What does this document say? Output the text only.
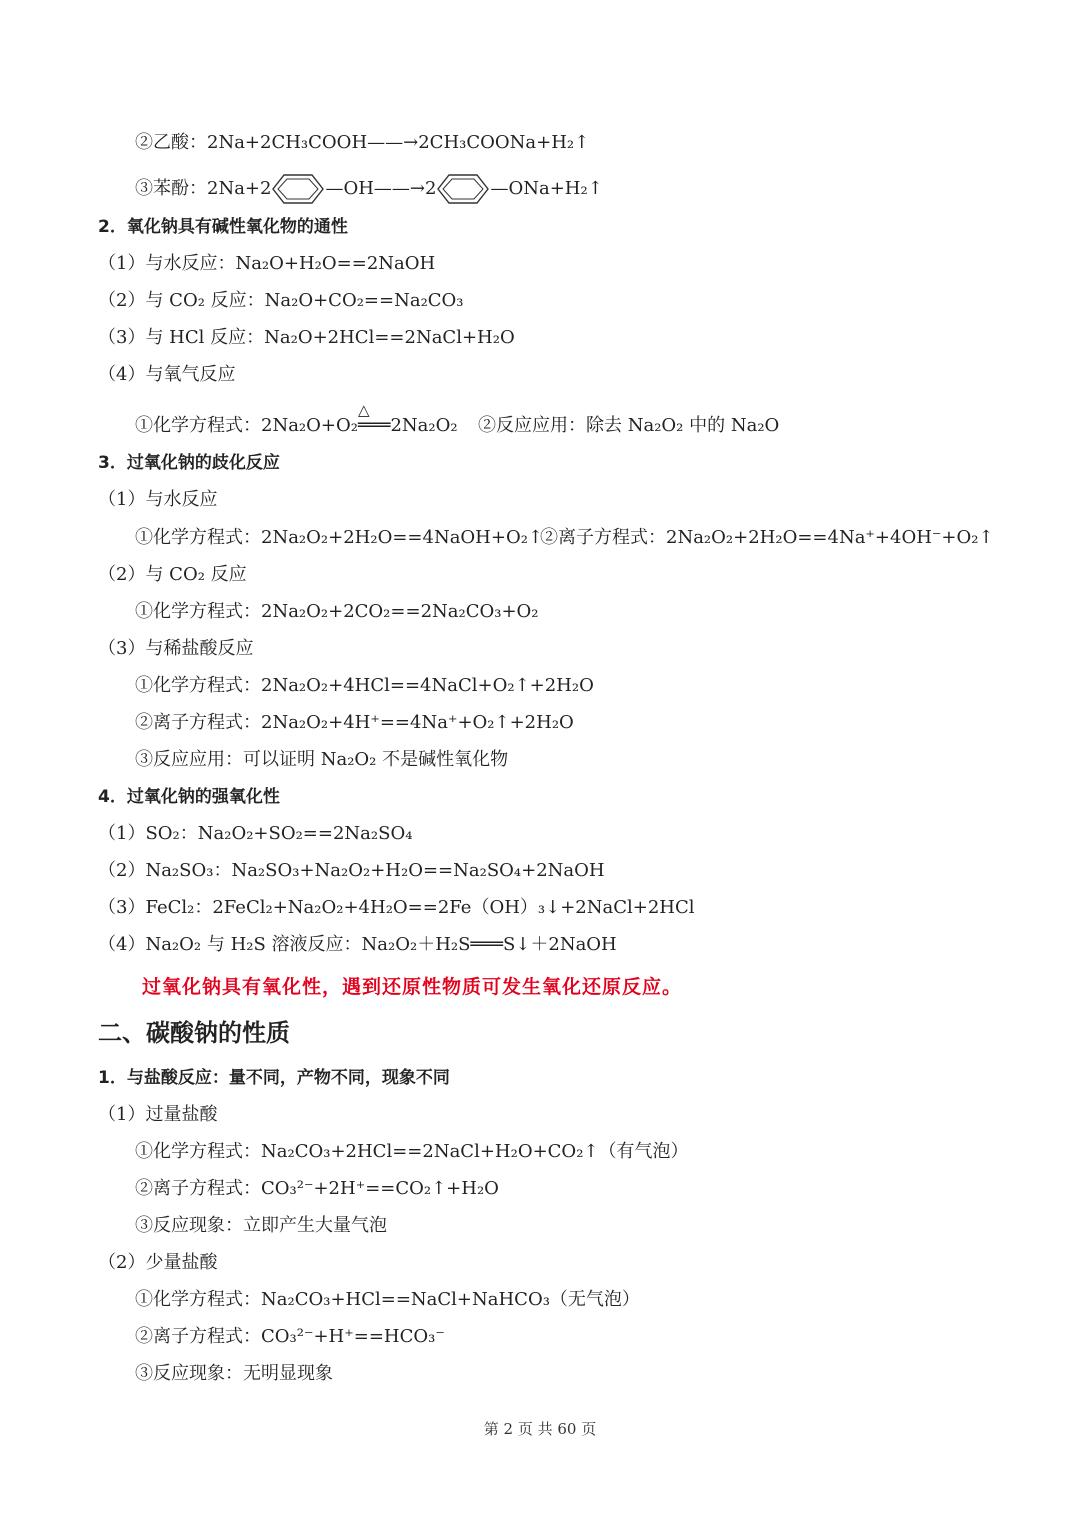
②乙酸：2Na+2CH₃COOH——→2CH₃COONa+H₂↑
③苯酚：2Na+2	—OH——→2	—ONa+H₂↑
2．氧化钠具有碱性氧化物的通性
（1）与水反应：Na₂O+H₂O==2NaOH
（2）与 CO₂ 反应：Na₂O+CO₂==Na₂CO₃
（3）与 HCl 反应：Na₂O+2HCl==2NaCl+H₂O
（4）与氧气反应
△
①化学方程式：2Na₂O+O₂═══2Na₂O₂ ②反应应用：除去 Na₂O₂ 中的 Na₂O
3．过氧化钠的歧化反应
（1）与水反应
①化学方程式：2Na₂O₂+2H₂O==4NaOH+O₂↑
②离子方程式：2Na₂O₂+2H₂O==4Na⁺+4OH⁻+O₂↑
（2）与 CO₂ 反应
①化学方程式：2Na₂O₂+2CO₂==2Na₂CO₃+O₂
（3）与稀盐酸反应
①化学方程式：2Na₂O₂+4HCl==4NaCl+O₂↑+2H₂O
②离子方程式：2Na₂O₂+4H⁺==4Na⁺+O₂↑+2H₂O
③反应应用：可以证明 Na₂O₂ 不是碱性氧化物
4．过氧化钠的强氧化性
（1）SO₂：Na₂O₂+SO₂==2Na₂SO₄
（2）Na₂SO₃：Na₂SO₃+Na₂O₂+H₂O==Na₂SO₄+2NaOH
（3）FeCl₂：2FeCl₂+Na₂O₂+4H₂O==2Fe（OH）₃↓+2NaCl+2HCl
（4）Na₂O₂ 与 H₂S 溶液反应：Na₂O₂＋H₂S═══S↓＋2NaOH
过氧化钠具有氧化性，遇到还原性物质可发生氧化还原反应。
二、碳酸钠的性质
1．与盐酸反应：量不同，产物不同，现象不同
（1）过量盐酸
①化学方程式：Na₂CO₃+2HCl==2NaCl+H₂O+CO₂↑（有气泡）
②离子方程式：CO₃²⁻+2H⁺==CO₂↑+H₂O
③反应现象：立即产生大量气泡
（2）少量盐酸
①化学方程式：Na₂CO₃+HCl==NaCl+NaHCO₃（无气泡）
②离子方程式：CO₃²⁻+H⁺==HCO₃⁻
③反应现象：无明显现象
第 2 页 共 60 页
